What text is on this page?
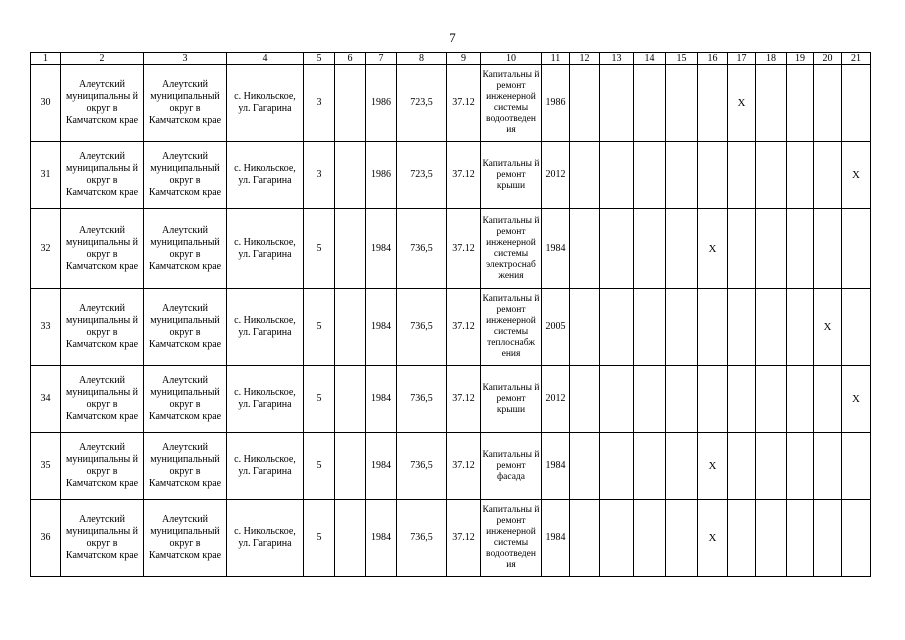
7
1	2	3	4	5	6	7	8	9	10	11	12	13	14	15	16	17	18	19	20	21
30	Алеутский муниципальны й округ в Камчатском крае	Алеутский муниципальный округ в Камчатском крае	с. Никольское, ул. Гагарина	3		1986	723,5	37.12	Капитальны й ремонт инженерной системы водоотведен ия	1986						X				
31	Алеутский муниципальны й округ в Камчатском крае	Алеутский муниципальный округ в Камчатском крае	с. Никольское, ул. Гагарина	3		1986	723,5	37.12	Капитальны й ремонт крыши	2012										X
32	Алеутский муниципальны й округ в Камчатском крае	Алеутский муниципальный округ в Камчатском крае	с. Никольское, ул. Гагарина	5		1984	736,5	37.12	Капитальны й ремонт инженерной системы электроснаб жения	1984					X					
33	Алеутский муниципальны й округ в Камчатском крае	Алеутский муниципальный округ в Камчатском крае	с. Никольское, ул. Гагарина	5		1984	736,5	37.12	Капитальны й ремонт инженерной системы теплоснабж ения	2005									X	
34	Алеутский муниципальны й округ в Камчатском крае	Алеутский муниципальный округ в Камчатском крае	с. Никольское, ул. Гагарина	5		1984	736,5	37.12	Капитальны й ремонт крыши	2012										X
35	Алеутский муниципальны й округ в Камчатском крае	Алеутский муниципальный округ в Камчатском крае	с. Никольское, ул. Гагарина	5		1984	736,5	37.12	Капитальны й ремонт фасада	1984					X					
36	Алеутский муниципальны й округ в Камчатском крае	Алеутский муниципальный округ в Камчатском крае	с. Никольское, ул. Гагарина	5		1984	736,5	37.12	Капитальны й ремонт инженерной системы водоотведен ия	1984					X					
